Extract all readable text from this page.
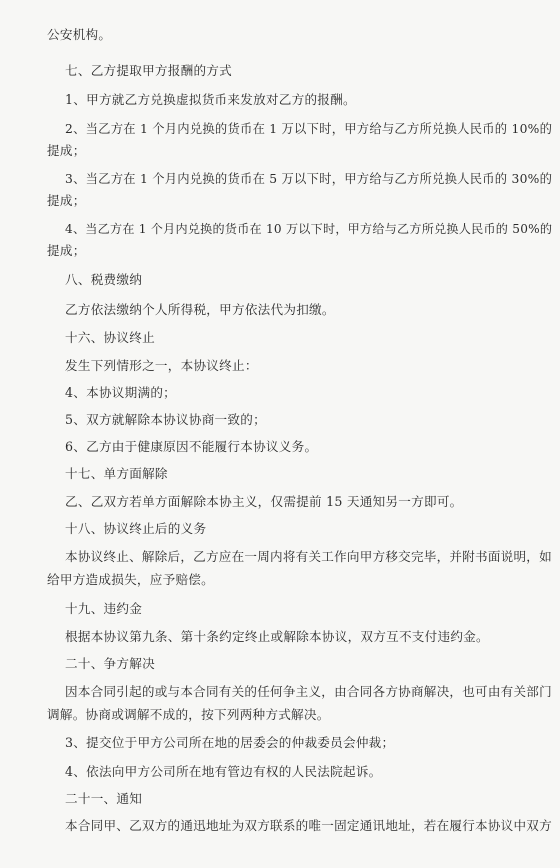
公安机构。
七、乙方提取甲方报酬的方式
1、甲方就乙方兑换虚拟货币来发放对乙方的报酬。
2、当乙方在 1 个月内兑换的货币在 1 万以下时，甲方给与乙方所兑换人民币的 10%的
提成；
3、当乙方在 1 个月内兑换的货币在 5 万以下时，甲方给与乙方所兑换人民币的 30%的
提成；
4、当乙方在 1 个月内兑换的货币在 10 万以下时，甲方给与乙方所兑换人民币的 50%的
提成；
八、税费缴纳
乙方依法缴纳个人所得税，甲方依法代为扣缴。
十六、协议终止
发生下列情形之一，本协议终止：
4、本协议期满的；
5、双方就解除本协议协商一致的；
6、乙方由于健康原因不能履行本协议义务。
十七、单方面解除
乙、乙双方若单方面解除本协主义，仅需提前 15 天通知另一方即可。
十八、协议终止后的义务
本协议终止、解除后，乙方应在一周内将有关工作向甲方移交完毕，并附书面说明，如
给甲方造成损失，应予赔偿。
十九、违约金
根据本协议第九条、第十条约定终止或解除本协议，双方互不支付违约金。
二十、争方解决
因本合同引起的或与本合同有关的任何争主义，由合同各方协商解决，也可由有关部门
调解。协商或调解不成的，按下列两种方式解决。
3、提交位于甲方公司所在地的居委会的仲裁委员会仲裁；
4、依法向甲方公司所在地有管边有权的人民法院起诉。
二十一、通知
本合同甲、乙双方的通迅地址为双方联系的唯一固定通讯地址，若在履行本协议中双方
